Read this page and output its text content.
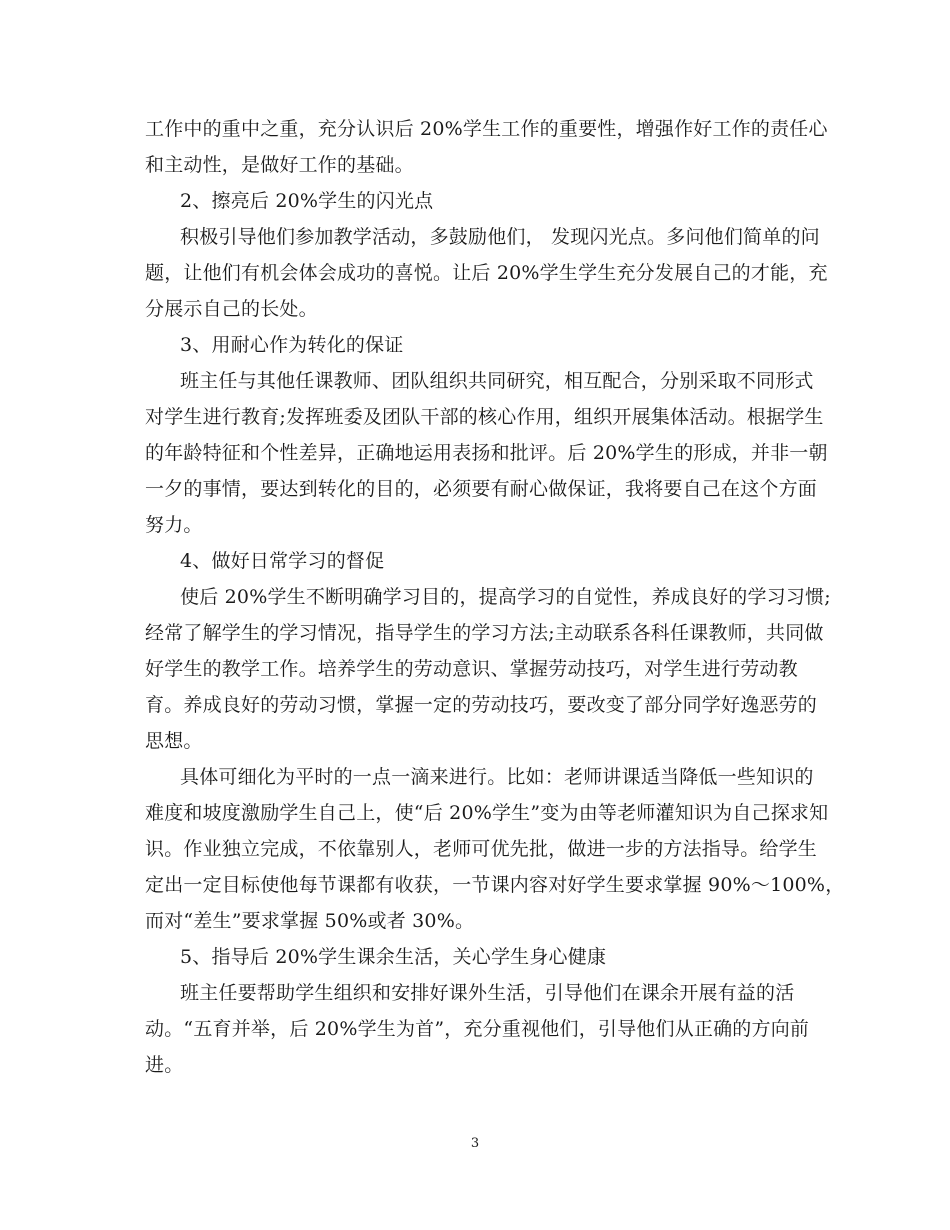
工作中的重中之重，充分认识后 20%学生工作的重要性，增强作好工作的责任心
和主动性，是做好工作的基础。
2、擦亮后 20%学生的闪光点
积极引导他们参加教学活动，多鼓励他们， 发现闪光点。多问他们简单的问
题，让他们有机会体会成功的喜悦。让后 20%学生学生充分发展自己的才能，充
分展示自己的长处。
3、用耐心作为转化的保证
班主任与其他任课教师、团队组织共同研究，相互配合，分别采取不同形式
对学生进行教育;发挥班委及团队干部的核心作用，组织开展集体活动。根据学生
的年龄特征和个性差异，正确地运用表扬和批评。后 20%学生的形成，并非一朝
一夕的事情，要达到转化的目的，必须要有耐心做保证，我将要自己在这个方面
努力。
4、做好日常学习的督促
使后 20%学生不断明确学习目的，提高学习的自觉性，养成良好的学习习惯;
经常了解学生的学习情况，指导学生的学习方法;主动联系各科任课教师，共同做
好学生的教学工作。培养学生的劳动意识、掌握劳动技巧，对学生进行劳动教
育。养成良好的劳动习惯，掌握一定的劳动技巧，要改变了部分同学好逸恶劳的
思想。
具体可细化为平时的一点一滴来进行。比如：老师讲课适当降低一些知识的
难度和坡度激励学生自己上，使“后 20%学生”变为由等老师灌知识为自己探求知
识。作业独立完成，不依靠别人，老师可优先批，做进一步的方法指导。给学生
定出一定目标使他每节课都有收获，一节课内容对好学生要求掌握 90%～100%，
而对“差生”要求掌握 50%或者 30%。
5、指导后 20%学生课余生活，关心学生身心健康
班主任要帮助学生组织和安排好课外生活，引导他们在课余开展有益的活
动。“五育并举，后 20%学生为首”，充分重视他们，引导他们从正确的方向前
进。
3
